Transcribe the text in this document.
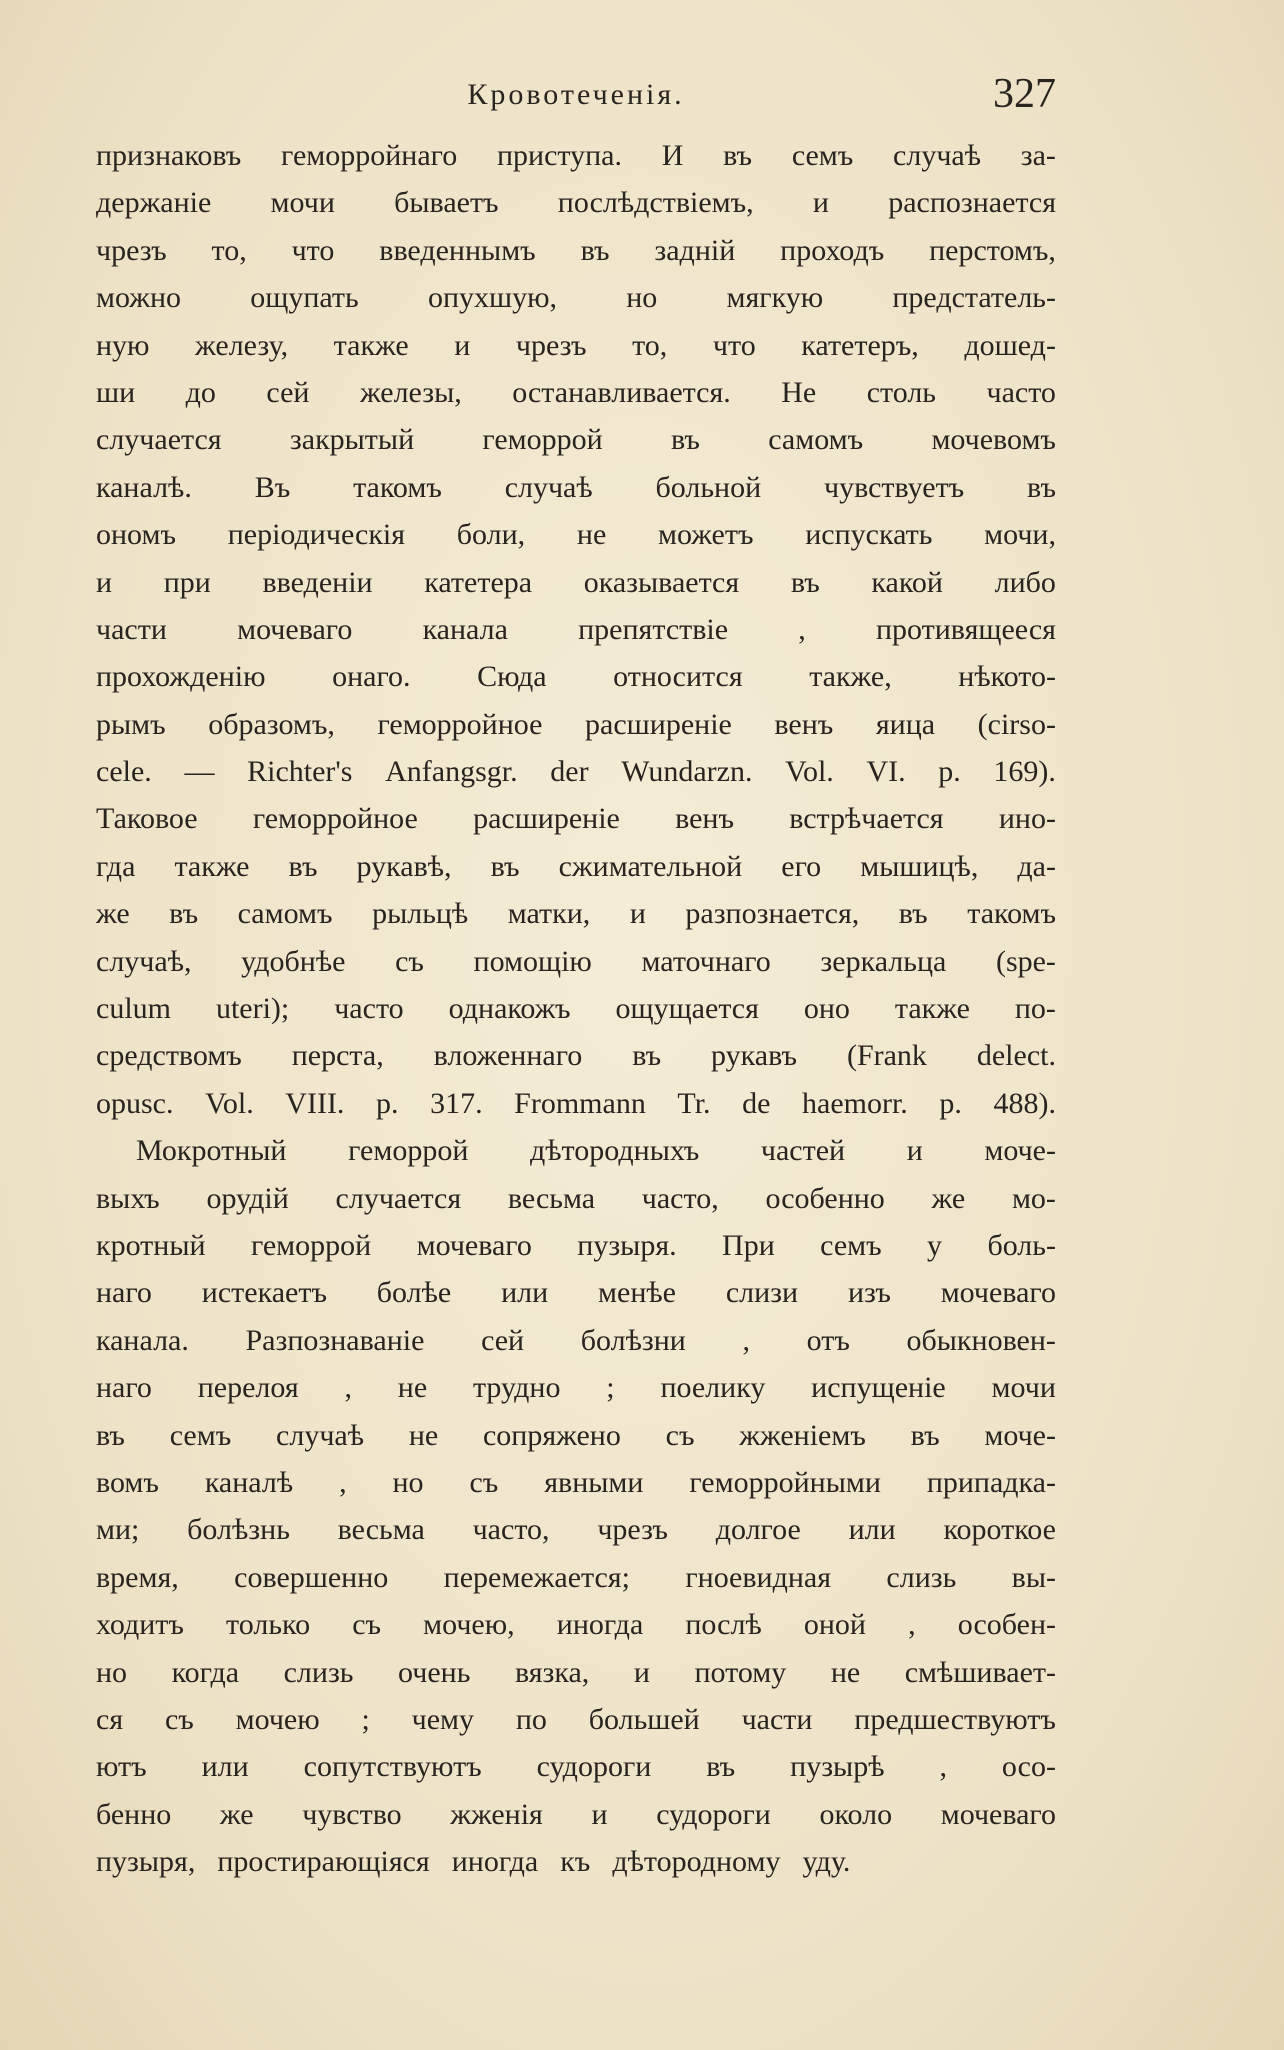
Кровотеченія.	327
признаковъ геморройнаго приступа. И въ семъ случаѣ за-
держаніе мочи бываетъ послѣдствіемъ, и распознается
чрезъ то, что введеннымъ въ заднiй проходъ перстомъ,
можно ощупать опухшую, но мягкую предстатель-
ную железу, также и чрезъ то, что катетеръ, дошед-
ши до сей железы, останавливается. Не столь часто
случается закрытый геморрой въ самомъ мочевомъ
каналѣ. Въ такомъ случаѣ больной чувствуетъ въ
ономъ періодическія боли, не можетъ испускать мочи,
и при введеніи катетера оказывается въ какой либо
части мочеваго канала препятствіе , противящееся
прохожденію онаго. Сюда относится также, нѣкото-
рымъ образомъ, геморройное расширеніе венъ яица (cirso-
cele. — Richter's Anfangsgr. der Wundarzn. Vol. VI. p. 169).
Таковое геморройное расширеніе венъ встрѣчается ино-
гда также въ рукавѣ, въ сжимательной его мышицѣ, да-
же въ самомъ рыльцѣ матки, и разпознается, въ такомъ
случаѣ, удобнѣе съ помощію маточнаго зеркальца (spe-
culum uteri); часто однакожъ ощущается оно также по-
средствомъ перста, вложеннаго въ рукавъ (Frank delect.
opusc. Vol. VIII. p. 317. Frommann Tr. de haemorr. p. 488).
Мокротный геморрой дѣтородныхъ частей и моче-
выхъ орудій случается весьма часто, особенно же мо-
кротный геморрой мочеваго пузыря. При семъ у боль-
наго истекаетъ болѣе или менѣе слизи изъ мочеваго
канала. Разпознаваніе сей болѣзни , отъ обыкновен-
наго перелоя , не трудно ; поелику испущеніе мочи
въ семъ случаѣ не сопряжено съ жженіемъ въ моче-
вомъ каналѣ , но съ явными геморройными припадка-
ми; болѣзнь весьма часто, чрезъ долгое или короткое
время, совершенно перемежается; гноевидная слизь вы-
ходитъ только съ мочею, иногда послѣ оной , особен-
но когда слизь очень вязка, и потому не смѣшивает-
ся съ мочею ; чему по большей части предшествуютъ
ютъ или сопутствуютъ судороги въ пузырѣ , осо-
бенно же чувство жженія и судороги около мочеваго
пузыря, простирающіяся иногда къ дѣтородному уду.
